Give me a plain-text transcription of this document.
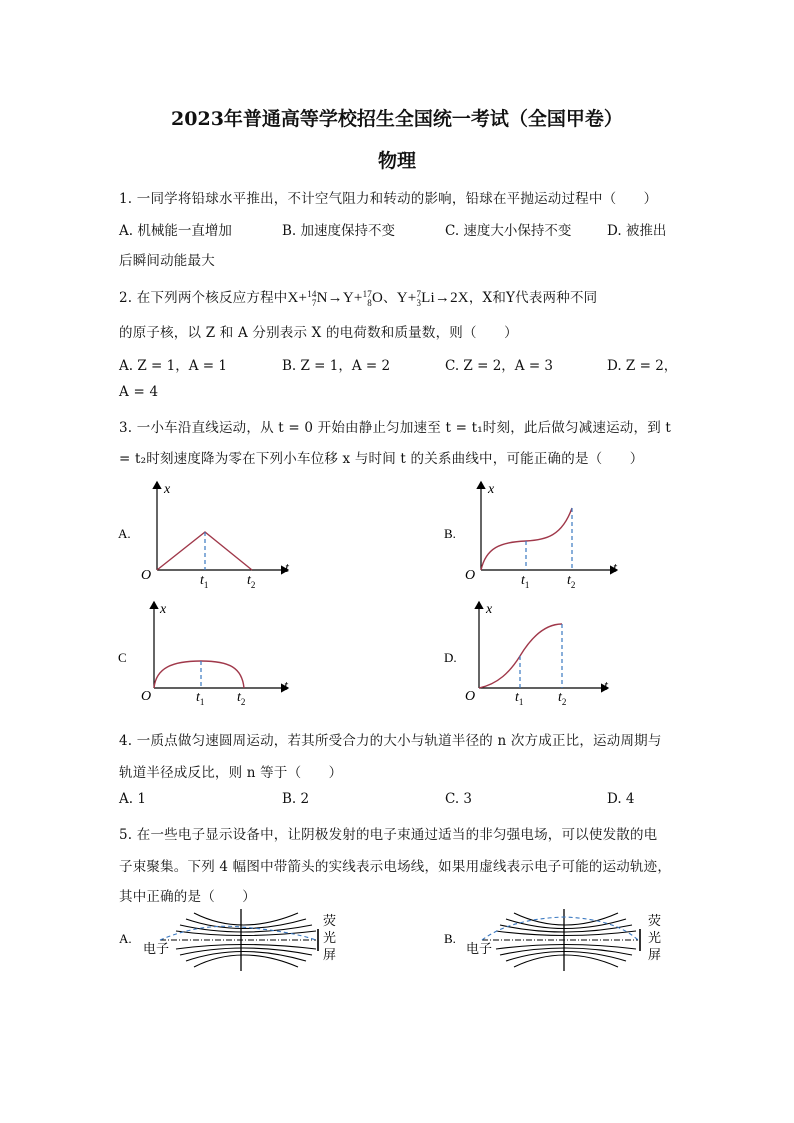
2023年普通高等学校招生全国统一考试（全国甲卷）
物理
1. 一同学将铅球水平推出，不计空气阻力和转动的影响，铅球在平抛运动过程中（　　）
A. 机械能一直增加	B. 加速度保持不变	C. 速度大小保持不变	D. 被推出
后瞬间动能最大
2. 在下列两个核反应方程中X+14
7N→Y+17
8O、Y+7
3Li→2X，X和Y代表两种不同
的原子核，以 Z 和 A 分别表示 X 的电荷数和质量数，则（　　）
A. Z = 1，A = 1	B. Z = 1，A = 2	C. Z = 2，A = 3	D. Z = 2，
A = 4
3. 一小车沿直线运动，从 t = 0 开始由静止匀加速至 t = t₁时刻，此后做匀减速运动，到 t
= t₂时刻速度降为零在下列小车位移 x 与时间 t 的关系曲线中，可能正确的是（　　）
A.
x
t
O	$t_1$	$t_2$
B.
x
t
O	$t_1$	$t_2$
C
x
t
O	$t_1$ $t_2$
D.
x
t
O	$t_1$ $t_2$
4. 一质点做匀速圆周运动，若其所受合力的大小与轨道半径的 n 次方成正比，运动周期与
轨道半径成反比，则 n 等于（　　）
A. 1	B. 2	C. 3	D. 4
5. 在一些电子显示设备中，让阴极发射的电子束通过适当的非匀强电场，可以使发散的电
子束聚集。下列 4 幅图中带箭头的实线表示电场线，如果用虚线表示电子可能的运动轨迹，
其中正确的是（　　）
A.
电子
荧
光
屏
B.
电子
荧
光
屏
